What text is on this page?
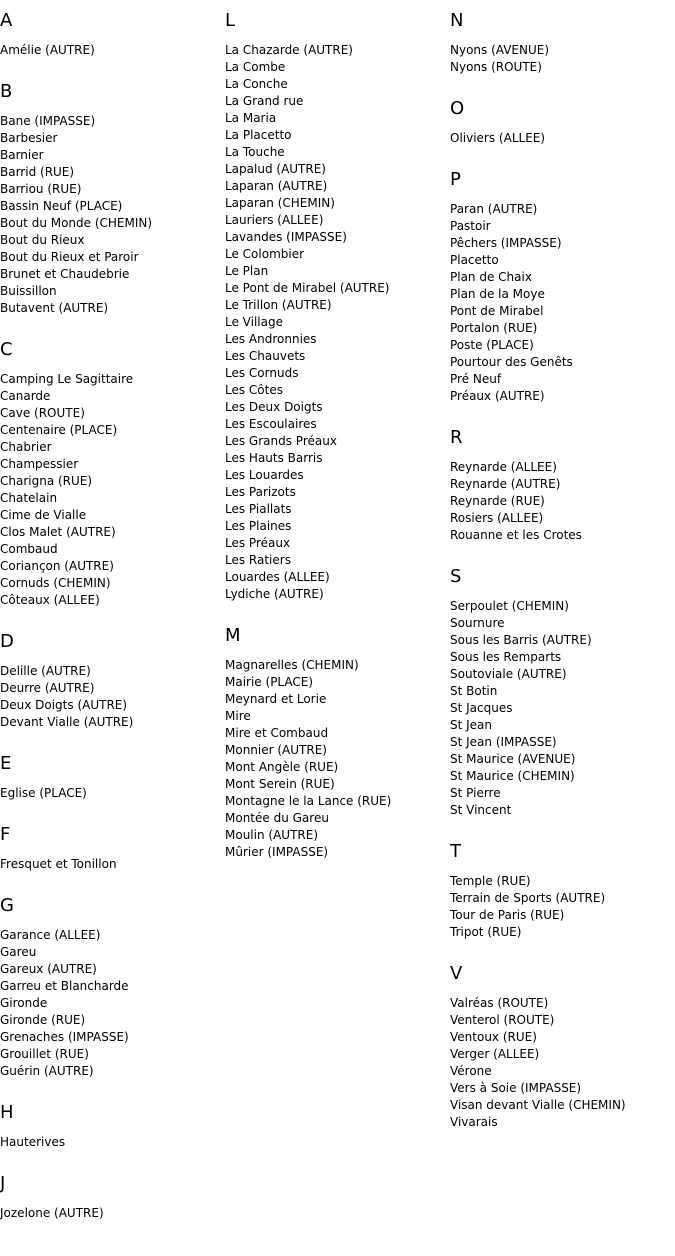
A
Amélie (AUTRE)
B
Bane (IMPASSE)
Barbesier
Barnier
Barrid (RUE)
Barriou (RUE)
Bassin Neuf (PLACE)
Bout du Monde (CHEMIN)
Bout du Rieux
Bout du Rieux et Paroir
Brunet et Chaudebrie
Buissillon
Butavent (AUTRE)
C
Camping Le Sagittaire
Canarde
Cave (ROUTE)
Centenaire (PLACE)
Chabrier
Champessier
Charigna (RUE)
Chatelain
Cime de Vialle
Clos Malet (AUTRE)
Combaud
Coriançon (AUTRE)
Cornuds (CHEMIN)
Côteaux (ALLEE)
D
Delille (AUTRE)
Deurre (AUTRE)
Deux Doigts (AUTRE)
Devant Vialle (AUTRE)
E
Eglise (PLACE)
F
Fresquet et Tonillon
G
Garance (ALLEE)
Gareu
Gareux (AUTRE)
Garreu et Blancharde
Gironde
Gironde (RUE)
Grenaches (IMPASSE)
Grouillet (RUE)
Guérin (AUTRE)
H
Hauterives
J
Jozelone (AUTRE)
L
La Chazarde (AUTRE)
La Combe
La Conche
La Grand rue
La Maria
La Placetto
La Touche
Lapalud (AUTRE)
Laparan (AUTRE)
Laparan (CHEMIN)
Lauriers (ALLEE)
Lavandes (IMPASSE)
Le Colombier
Le Plan
Le Pont de Mirabel (AUTRE)
Le Trillon (AUTRE)
Le Village
Les Andronnies
Les Chauvets
Les Cornuds
Les Côtes
Les Deux Doigts
Les Escoulaires
Les Grands Préaux
Les Hauts Barris
Les Louardes
Les Parizots
Les Piallats
Les Plaines
Les Préaux
Les Ratiers
Louardes (ALLEE)
Lydiche (AUTRE)
M
Magnarelles (CHEMIN)
Mairie (PLACE)
Meynard et Lorie
Mire
Mire et Combaud
Monnier (AUTRE)
Mont Angèle (RUE)
Mont Serein (RUE)
Montagne le la Lance (RUE)
Montée du Gareu
Moulin (AUTRE)
Mûrier (IMPASSE)
N
Nyons (AVENUE)
Nyons (ROUTE)
O
Oliviers (ALLEE)
P
Paran (AUTRE)
Pastoir
Pêchers (IMPASSE)
Placetto
Plan de Chaix
Plan de la Moye
Pont de Mirabel
Portalon (RUE)
Poste (PLACE)
Pourtour des Genêts
Pré Neuf
Préaux (AUTRE)
R
Reynarde (ALLEE)
Reynarde (AUTRE)
Reynarde (RUE)
Rosiers (ALLEE)
Rouanne et les Crotes
S
Serpoulet (CHEMIN)
Sournure
Sous les Barris (AUTRE)
Sous les Remparts
Soutoviale (AUTRE)
St Botin
St Jacques
St Jean
St Jean (IMPASSE)
St Maurice (AVENUE)
St Maurice (CHEMIN)
St Pierre
St Vincent
T
Temple (RUE)
Terrain de Sports (AUTRE)
Tour de Paris (RUE)
Tripot (RUE)
V
Valréas (ROUTE)
Venterol (ROUTE)
Ventoux (RUE)
Verger (ALLEE)
Vérone
Vers à Soie (IMPASSE)
Visan devant Vialle (CHEMIN)
Vivarais
